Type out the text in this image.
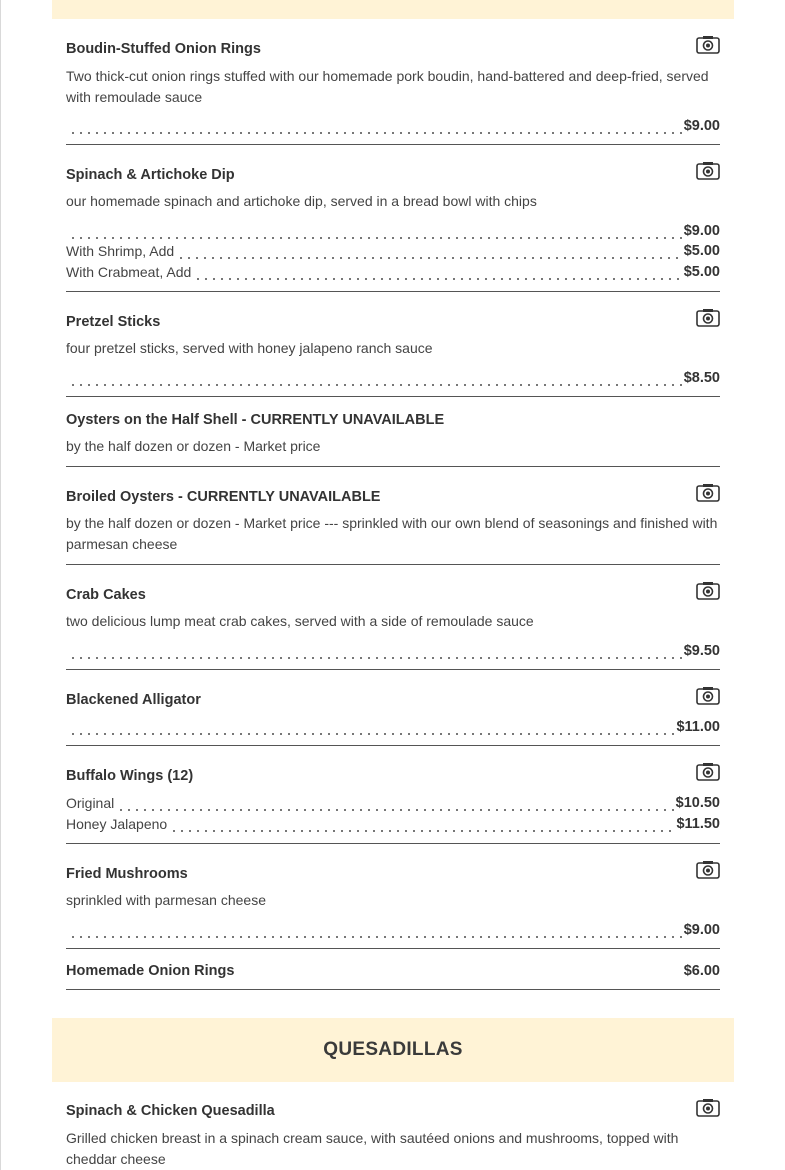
Boudin-Stuffed Onion Rings
Two thick-cut onion rings stuffed with our homemade pork boudin, hand-battered and deep-fried, served with remoulade sauce
$9.00
Spinach & Artichoke Dip
our homemade spinach and artichoke dip, served in a bread bowl with chips
$9.00
With Shrimp, Add	$5.00
With Crabmeat, Add	$5.00
Pretzel Sticks
four pretzel sticks, served with honey jalapeno ranch sauce
$8.50
Oysters on the Half Shell - CURRENTLY UNAVAILABLE
by the half dozen or dozen - Market price
Broiled Oysters - CURRENTLY UNAVAILABLE
by the half dozen or dozen - Market price --- sprinkled with our own blend of seasonings and finished with parmesan cheese
Crab Cakes
two delicious lump meat crab cakes, served with a side of remoulade sauce
$9.50
Blackened Alligator
$11.00
Buffalo Wings (12)
Original	$10.50
Honey Jalapeno	$11.50
Fried Mushrooms
sprinkled with parmesan cheese
$9.00
Homemade Onion Rings	$6.00
QUESADILLAS
Spinach & Chicken Quesadilla
Grilled chicken breast in a spinach cream sauce, with sautéed onions and mushrooms, topped with cheddar cheese
